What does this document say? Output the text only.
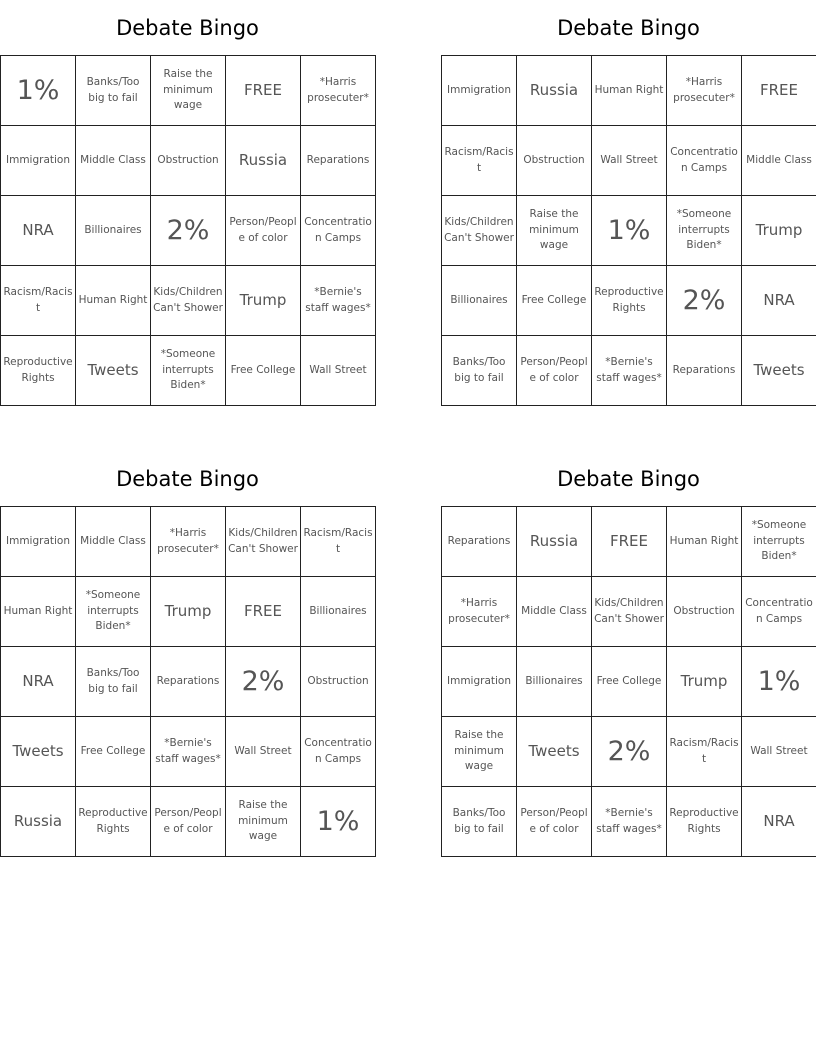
Debate Bingo
1%	Banks/Too big to fail	Raise the minimum wage	FREE	*Harris prosecuter*
Immigration	Middle Class	Obstruction	Russia	Reparations
NRA	Billionaires	2%	Person/People of color	Concentration Camps
Racism/Racist	Human Right	Kids/Children Can't Shower	Trump	*Bernie's staff wages*
Reproductive Rights	Tweets	*Someone interrupts Biden*	Free College	Wall Street
Debate Bingo
Immigration	Russia	Human Right	*Harris prosecuter*	FREE
Racism/Racist	Obstruction	Wall Street	Concentration Camps	Middle Class
Kids/Children Can't Shower	Raise the minimum wage	1%	*Someone interrupts Biden*	Trump
Billionaires	Free College	Reproductive Rights	2%	NRA
Banks/Too big to fail	Person/People of color	*Bernie's staff wages*	Reparations	Tweets
Debate Bingo
Immigration	Middle Class	*Harris prosecuter*	Kids/Children Can't Shower	Racism/Racist
Human Right	*Someone interrupts Biden*	Trump	FREE	Billionaires
NRA	Banks/Too big to fail	Reparations	2%	Obstruction
Tweets	Free College	*Bernie's staff wages*	Wall Street	Concentration Camps
Russia	Reproductive Rights	Person/People of color	Raise the minimum wage	1%
Debate Bingo
Reparations	Russia	FREE	Human Right	*Someone interrupts Biden*
*Harris prosecuter*	Middle Class	Kids/Children Can't Shower	Obstruction	Concentration Camps
Immigration	Billionaires	Free College	Trump	1%
Raise the minimum wage	Tweets	2%	Racism/Racist	Wall Street
Banks/Too big to fail	Person/People of color	*Bernie's staff wages*	Reproductive Rights	NRA
